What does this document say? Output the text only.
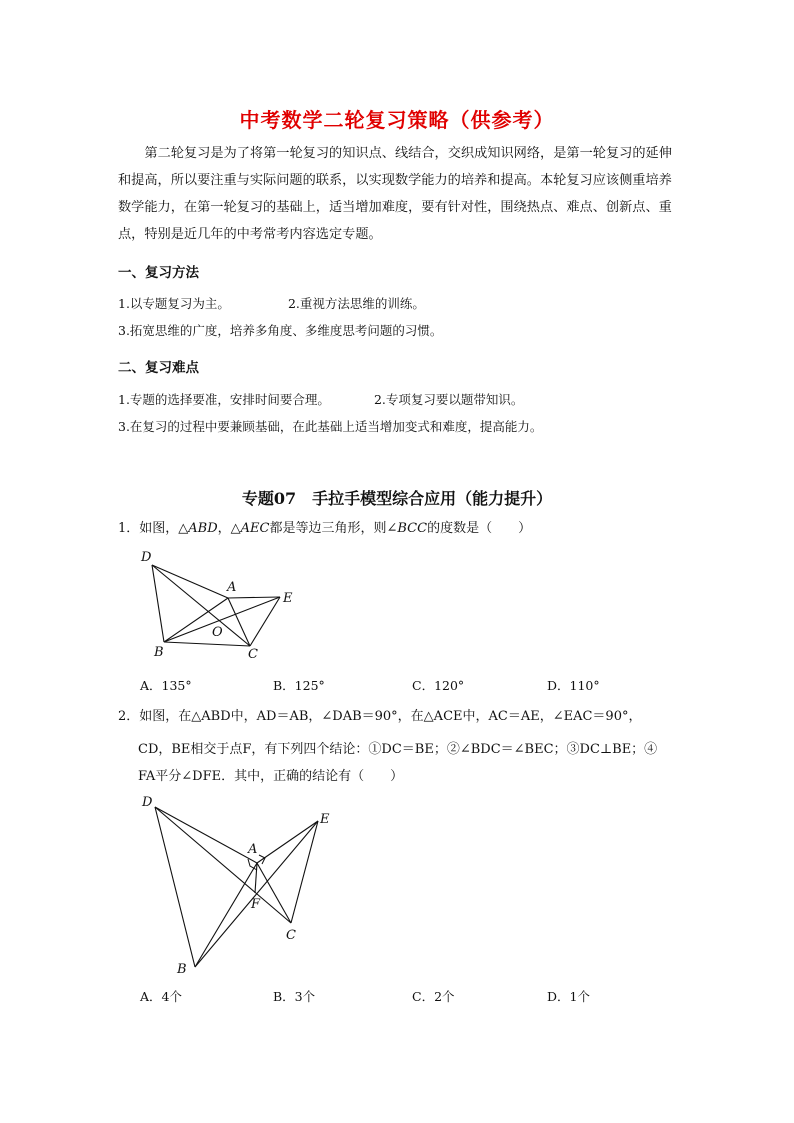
中考数学二轮复习策略（供参考）

第二轮复习是为了将第一轮复习的知识点、线结合，交织成知识网络，是第一轮复习的延伸和提高，所以要注重与实际问题的联系，以实现数学能力的培养和提高。本轮复习应该侧重培养数学能力，在第一轮复习的基础上，适当增加难度，要有针对性，围绕热点、难点、创新点、重点，特别是近几年的中考常考内容选定专题。

一、复习方法
1.以专题复习为主。	2.重视方法思维的训练。
3.拓宽思维的广度，培养多角度、多维度思考问题的习惯。
二、复习难点
1.专题的选择要准，安排时间要合理。	2.专项复习要以题带知识。
3.在复习的过程中要兼顾基础，在此基础上适当增加变式和难度，提高能力。
专题07　手拉手模型综合应用（能力提升）
1．如图，△ABD，△AEC都是等边三角形，则∠BCC的度数是（　　）
D
A
E
O
B	C
A．135°	B．125°	C．120°	D．110°
2．如图，在△ABD中，AD＝AB，∠DAB＝90°，在△ACE中，AC＝AE，∠EAC＝90°，
CD，BE相交于点F，有下列四个结论：①DC＝BE；②∠BDC＝∠BEC；③DC⊥BE；④
FA平分∠DFE．其中，正确的结论有（　　）
D
E
A
F
C
B
A．4个	B．3个	C．2个	D．1个
